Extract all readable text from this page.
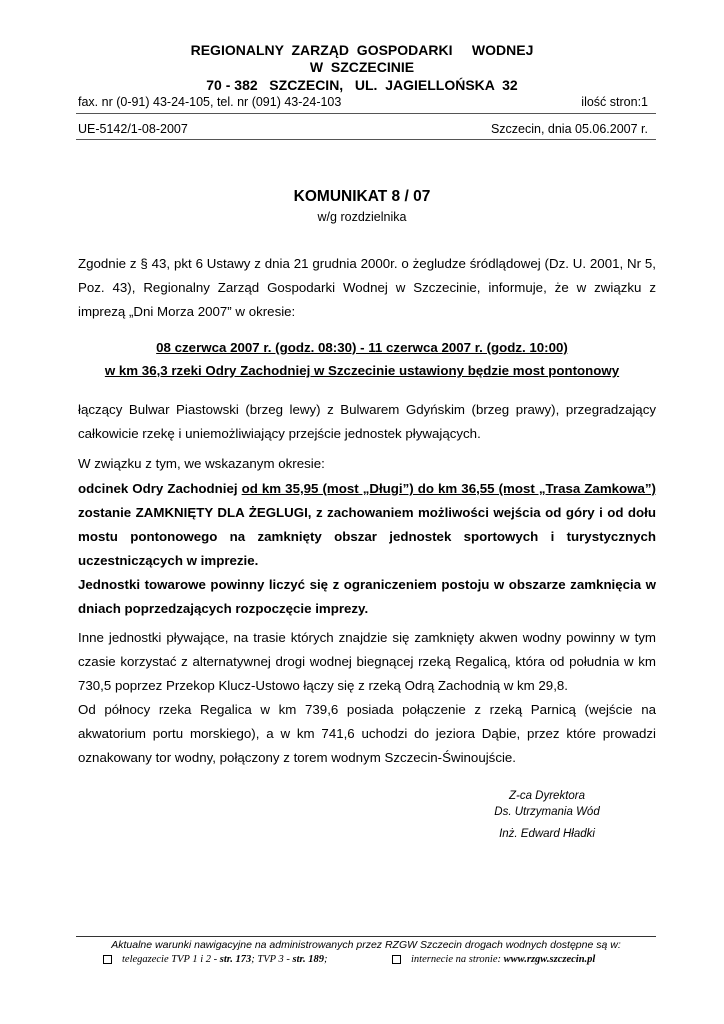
REGIONALNY  ZARZĄD  GOSPODARKI     WODNEJ
W  SZCZECINIE
70 - 382   SZCZECIN,   UL.  JAGIELLOŃSKA  32
fax. nr (0-91) 43-24-105, tel. nr (091) 43-24-103	ilość stron:1
UE-5142/1-08-2007	Szczecin, dnia 05.06.2007 r.
KOMUNIKAT 8 / 07
w/g rozdzielnika

Zgodnie z § 43, pkt 6 Ustawy z dnia 21 grudnia 2000r. o żegludze śródlądowej (Dz. U. 2001, Nr 5, Poz. 43), Regionalny Zarząd Gospodarki Wodnej w Szczecinie, informuje, że w związku z imprezą „Dni Morza 2007” w okresie:

08 czerwca 2007 r. (godz. 08:30) - 11 czerwca 2007 r. (godz. 10:00)
w km 36,3 rzeki Odry Zachodniej w Szczecinie ustawiony będzie most pontonowy

łączący Bulwar Piastowski (brzeg lewy) z Bulwarem Gdyńskim (brzeg prawy), przegradzający całkowicie rzekę i uniemożliwiający przejście jednostek pływających.

W związku z tym, we wskazanym okresie:

odcinek Odry Zachodniej od km 35,95 (most „Długi”) do km 36,55 (most „Trasa Zamkowa”) zostanie ZAMKNIĘTY DLA ŻEGLUGI, z zachowaniem możliwości wejścia od góry i od dołu mostu pontonowego na zamknięty obszar jednostek sportowych i turystycznych uczestniczących w imprezie.

Jednostki towarowe powinny liczyć się z ograniczeniem postoju w obszarze zamknięcia w dniach poprzedzających rozpoczęcie imprezy.

Inne jednostki pływające, na trasie których znajdzie się zamknięty akwen wodny powinny w tym czasie korzystać z alternatywnej drogi wodnej biegnącej rzeką Regalicą, która od południa w km 730,5 poprzez Przekop Klucz-Ustowo łączy się z rzeką Odrą Zachodnią w km 29,8.

Od północy rzeka Regalica w km 739,6 posiada połączenie z rzeką Parnicą (wejście na akwatorium portu morskiego), a w km 741,6 uchodzi do jeziora Dąbie, przez które prowadzi oznakowany tor wodny, połączony z torem wodnym Szczecin-Świnoujście.

Z-ca Dyrektora
Ds. Utrzymania Wód
Inż. Edward Hładki
Aktualne warunki nawigacyjne na administrowanych przez RZGW Szczecin drogach wodnych dostępne są w:
telegazecie TVP 1 i 2 - str. 173; TVP 3 - str. 189;	internecie na stronie: www.rzgw.szczecin.pl
